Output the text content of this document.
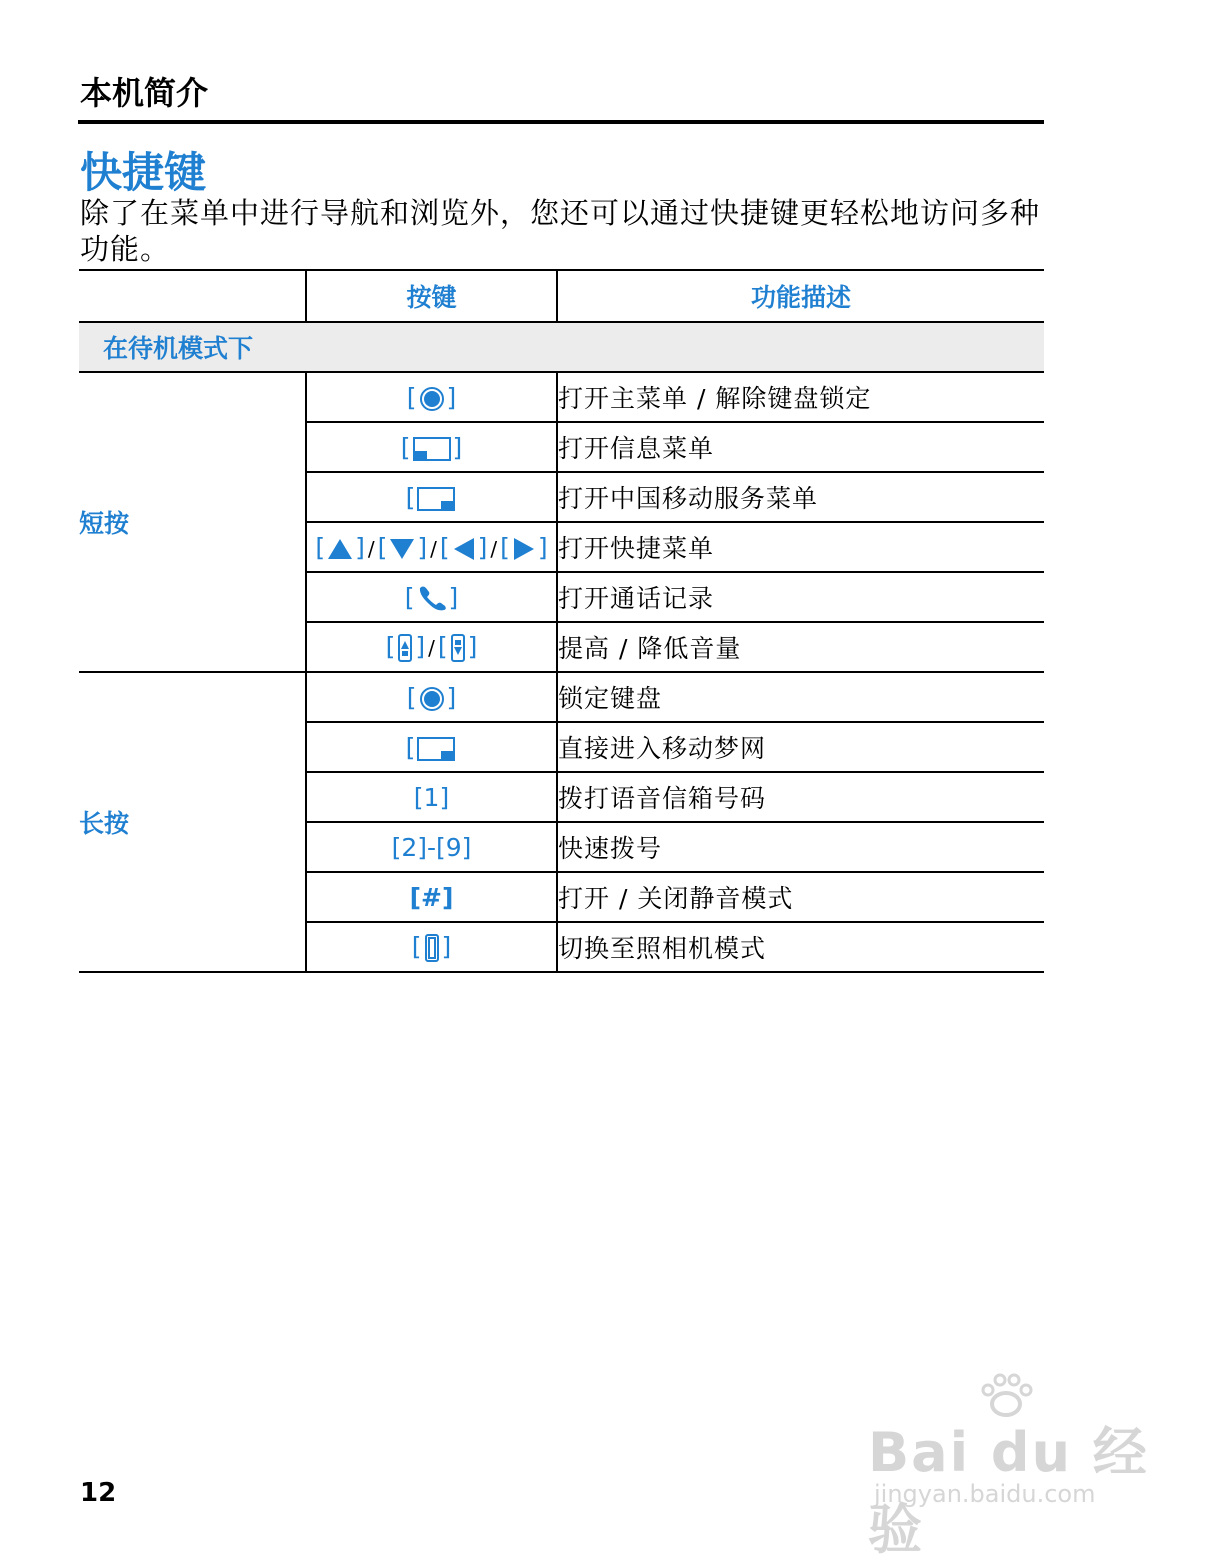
本机简介
快捷键
除了在菜单中进行导航和浏览外，您还可以通过快捷键更轻松地访问多种功能。
	按键	功能描述
在待机模式下		
短按	[ ]	打开主菜单 / 解除键盘锁定
	[ ]	打开信息菜单
	[	打开中国移动服务菜单
	[ ] / [ ] / [ ] / [ ]	打开快捷菜单
	[ ]	打开通话记录
	[ ] / [ ]	提高 / 降低音量
长按	[ ]	锁定键盘
	[	直接进入移动梦网
	[1]	拨打语音信箱号码
	[2]-[9]	快速拨号
	[#]	打开 / 关闭静音模式
	[ ]	切换至照相机模式
12
Bai du 经验
jingyan.baidu.com
